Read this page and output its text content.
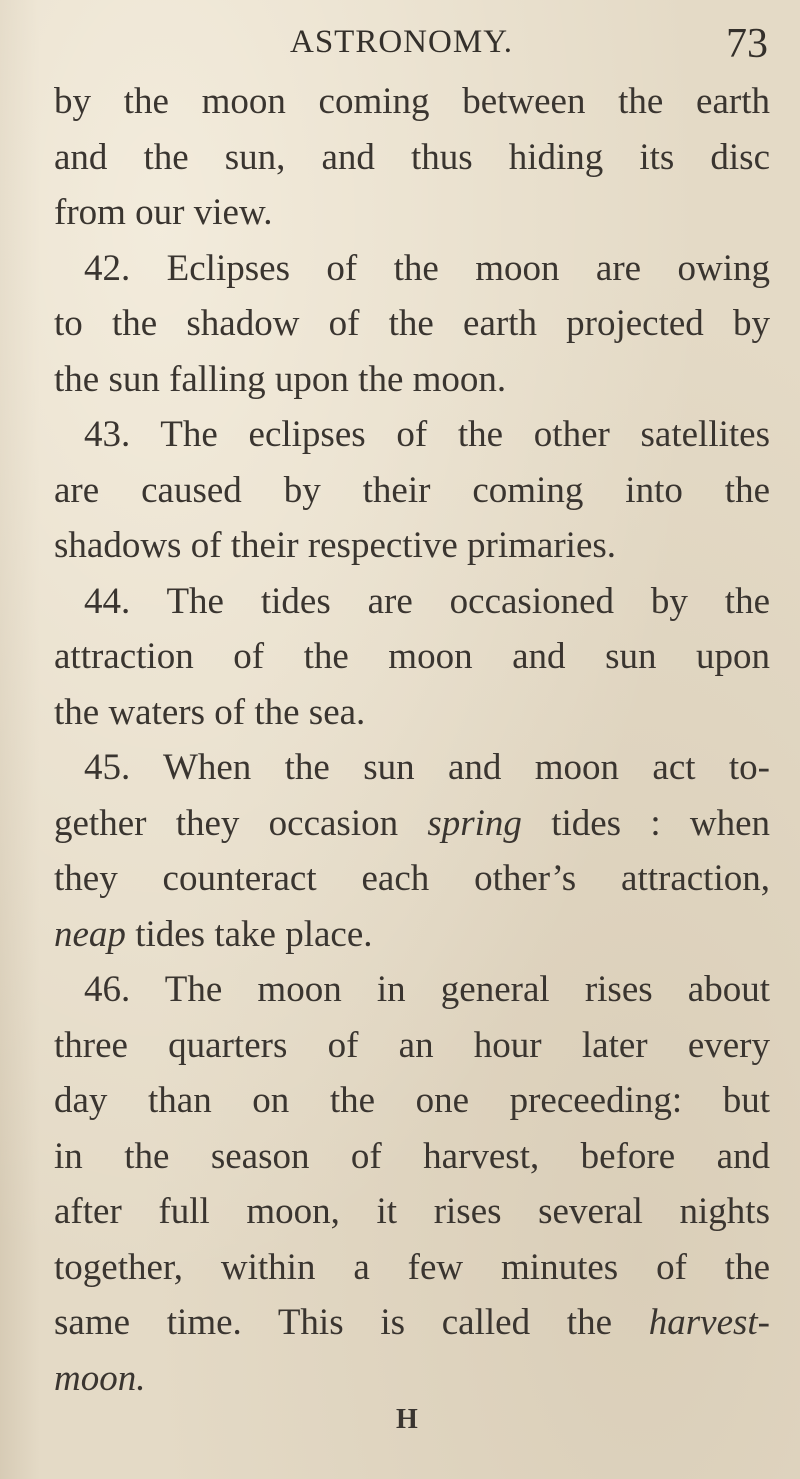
ASTRONOMY.	73

by the moon coming between the earth
and the sun, and thus hiding its disc
from our view.

42. Eclipses of the moon are owing
to the shadow of the earth projected by
the sun falling upon the moon.

43. The eclipses of the other satellites
are caused by their coming into the
shadows of their respective primaries.

44. The tides are occasioned by the
attraction of the moon and sun upon
the waters of the sea.

45. When the sun and moon act to-
gether they occasion spring tides : when
they counteract each other’s attraction,
neap tides take place.

46. The moon in general rises about
three quarters of an hour later every
day than on the one preceeding: but
in the season of harvest, before and
after full moon, it rises several nights
together, within a few minutes of the
same time. This is called the harvest-
moon.

H
